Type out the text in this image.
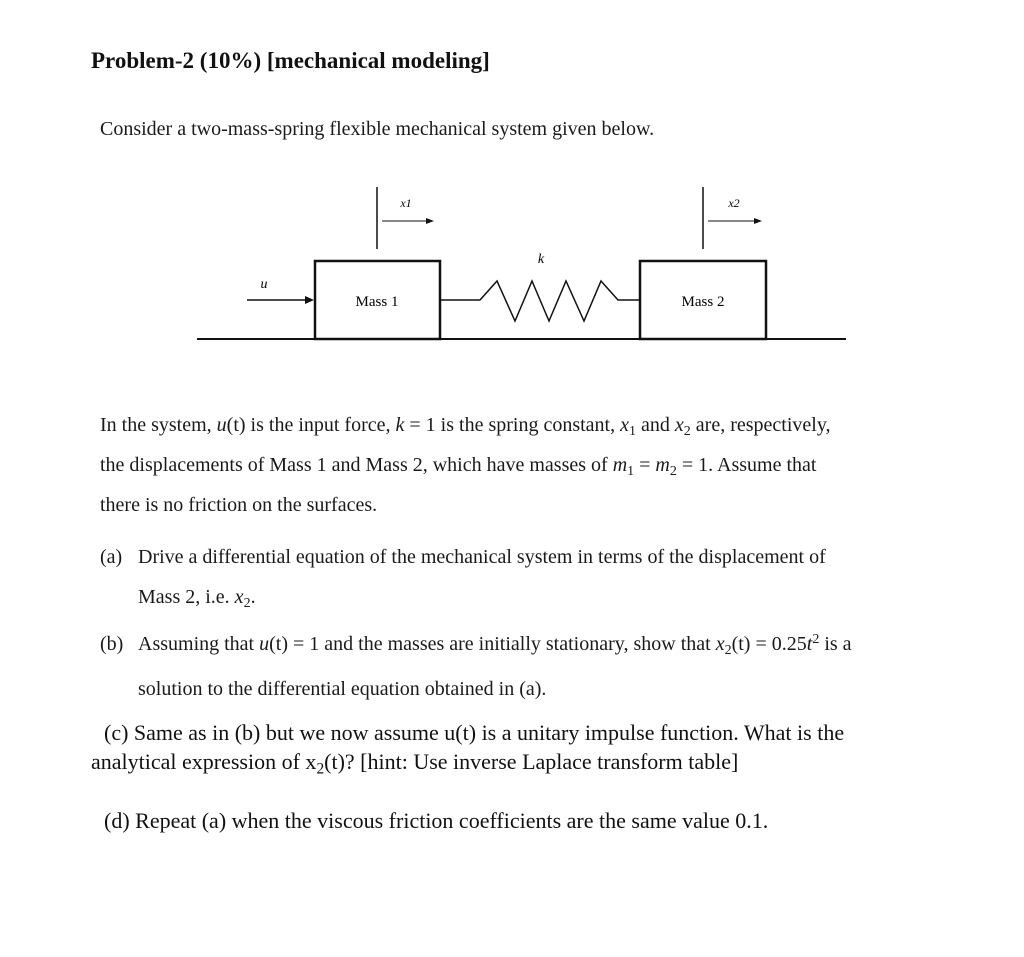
Problem-2 (10%) [mechanical modeling]
Consider a two-mass-spring flexible mechanical system given below.
Mass 1	Mass 2
u
k
x1	x2
In the system, u(t) is the input force, k = 1 is the spring constant, $x_1$ and $x_2$ are, respectively,
the displacements of Mass 1 and Mass 2, which have masses of $m_1 = m_2 = 1$. Assume that
there is no friction on the surfaces.
(a) Drive a differential equation of the mechanical system in terms of the displacement of
Mass 2, i.e. $x_2$.
(b) Assuming that u(t) = 1 and the masses are initially stationary, show that $x_2(t) = 0.25t^2$ is a
solution to the differential equation obtained in (a).
(c) Same as in (b) but we now assume u(t) is a unitary impulse function. What is the
analytical expression of $x_2(t)$? [hint: Use inverse Laplace transform table]
(d) Repeat (a) when the viscous friction coefficients are the same value 0.1.
